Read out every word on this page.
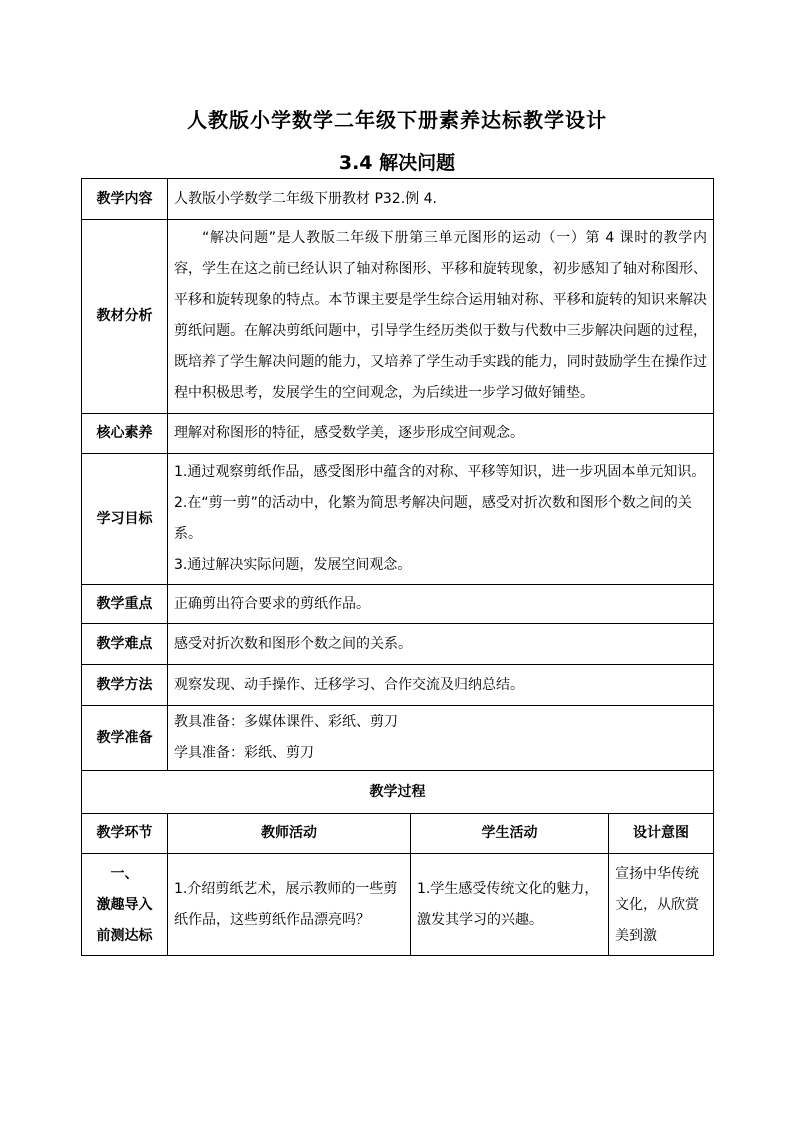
人教版小学数学二年级下册素养达标教学设计
3.4 解决问题
教学内容	人教版小学数学二年级下册教材 P32.例 4.		
教材分析	“解决问题”是人教版二年级下册第三单元图形的运动（一）第 4 课时的教学内容，学生在这之前已经认识了轴对称图形、平移和旋转现象，初步感知了轴对称图形、平移和旋转现象的特点。本节课主要是学生综合运用轴对称、平移和旋转的知识来解决剪纸问题。在解决剪纸问题中，引导学生经历类似于数与代数中三步解决问题的过程，既培养了学生解决问题的能力，又培养了学生动手实践的能力，同时鼓励学生在操作过程中积极思考，发展学生的空间观念，为后续进一步学习做好铺垫。		

核心素养	理解对称图形的特征，感受数学美，逐步形成空间观念。		
学习目标	1.通过观察剪纸作品，感受图形中蕴含的对称、平移等知识，进一步巩固本单元知识。
2.在“剪一剪”的活动中，化繁为简思考解决问题，感受对折次数和图形个数之间的关系。
3.通过解决实际问题，发展空间观念。		

教学重点	正确剪出符合要求的剪纸作品。		
教学难点	感受对折次数和图形个数之间的关系。		
教学方法	观察发现、动手操作、迁移学习、合作交流及归纳总结。		
教学准备	教具准备：多媒体课件、彩纸、剪刀
学具准备：彩纸、剪刀		

教学过程			
教学环节	教师活动	学生活动	设计意图

一、
激趣导入
前测达标	1.介绍剪纸艺术，展示教师的一些剪纸作品，这些剪纸作品漂亮吗？	1.学生感受传统文化的魅力，激发其学习的兴趣。	宣扬中华传统文化，从欣赏美到激
